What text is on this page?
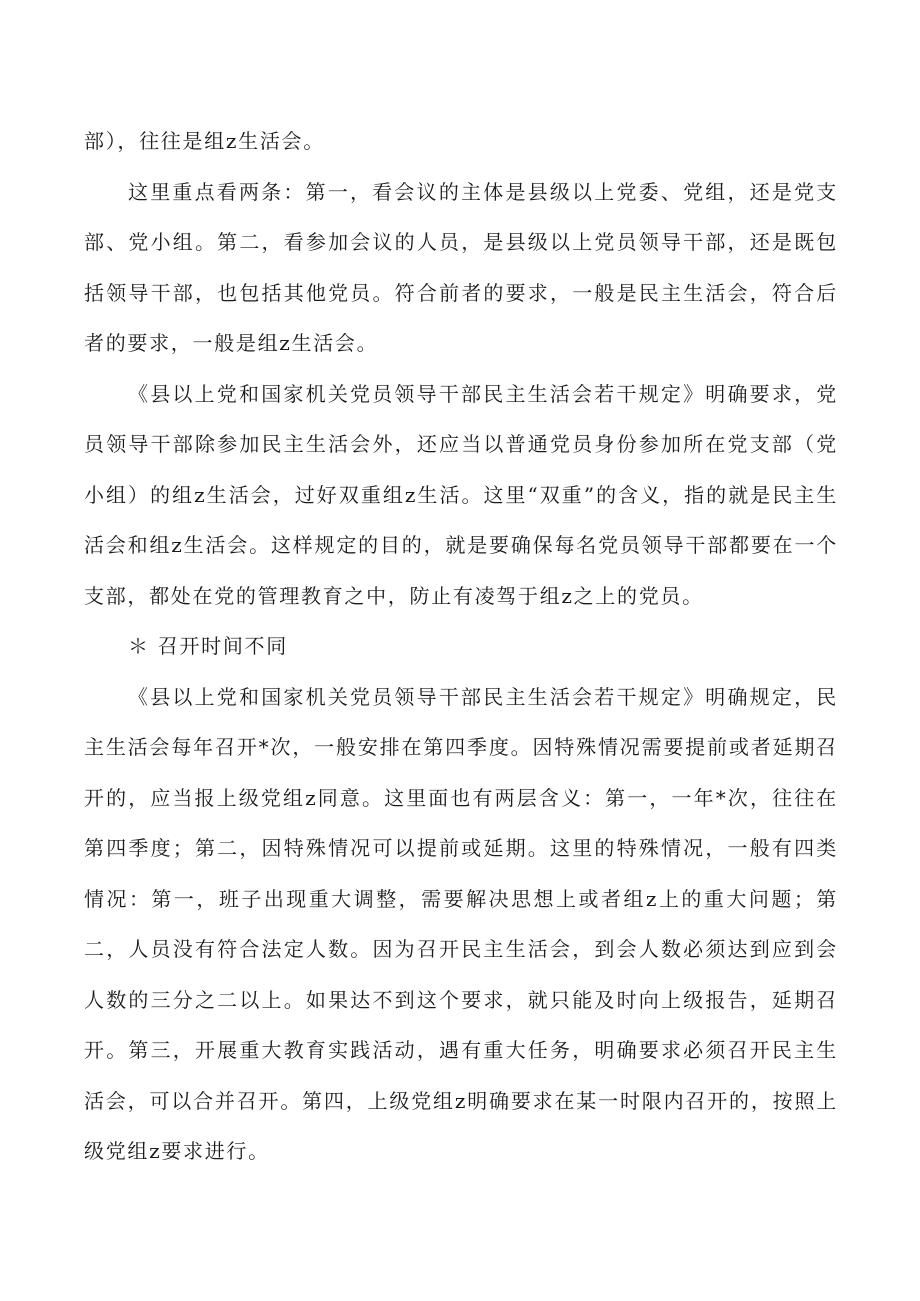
部），往往是组z生活会。

这里重点看两条：第一，看会议的主体是县级以上党委、党组，还是党支部、党小组。第二，看参加会议的人员，是县级以上党员领导干部，还是既包括领导干部，也包括其他党员。符合前者的要求，一般是民主生活会，符合后者的要求，一般是组z生活会。

《县以上党和国家机关党员领导干部民主生活会若干规定》明确要求，党员领导干部除参加民主生活会外，还应当以普通党员身份参加所在党支部（党小组）的组z生活会，过好双重组z生活。这里“双重”的含义，指的就是民主生活会和组z生活会。这样规定的目的，就是要确保每名党员领导干部都要在一个支部，都处在党的管理教育之中，防止有凌驾于组z之上的党员。

＊ 召开时间不同

《县以上党和国家机关党员领导干部民主生活会若干规定》明确规定，民主生活会每年召开*次，一般安排在第四季度。因特殊情况需要提前或者延期召开的，应当报上级党组z同意。这里面也有两层含义：第一，一年*次，往往在第四季度；第二，因特殊情况可以提前或延期。这里的特殊情况，一般有四类情况：第一，班子出现重大调整，需要解决思想上或者组z上的重大问题；第二，人员没有符合法定人数。因为召开民主生活会，到会人数必须达到应到会人数的三分之二以上。如果达不到这个要求，就只能及时向上级报告，延期召开。第三，开展重大教育实践活动，遇有重大任务，明确要求必须召开民主生活会，可以合并召开。第四，上级党组z明确要求在某一时限内召开的，按照上级党组z要求进行。
